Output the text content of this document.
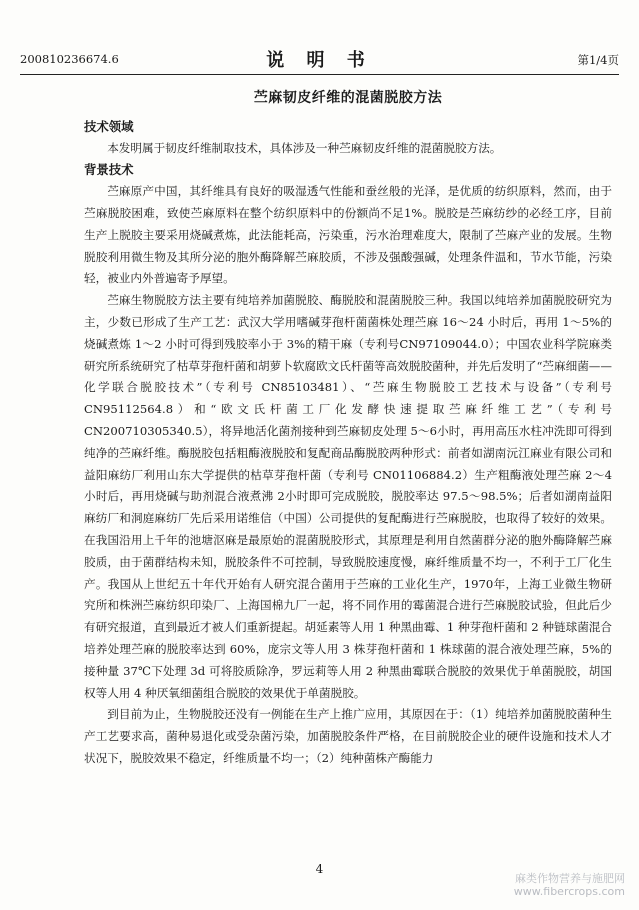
200810236674.6	说 明 书	第1/4页
苎麻韧皮纤维的混菌脱胶方法
技术领域

本发明属于韧皮纤维制取技术，具体涉及一种苎麻韧皮纤维的混菌脱胶方法。

背景技术

苎麻原产中国，其纤维具有良好的吸湿透气性能和蚕丝般的光泽，是优质的纺织原料，然而，由于苎麻脱胶困难，致使苎麻原料在整个纺织原料中的份额尚不足1%。脱胶是苎麻纺纱的必经工序，目前生产上脱胶主要采用烧碱煮炼，此法能耗高，污染重，污水治理难度大，限制了苎麻产业的发展。生物脱胶利用微生物及其所分泌的胞外酶降解苎麻胶质，不涉及强酸强碱，处理条件温和，节水节能，污染轻，被业内外普遍寄予厚望。

苎麻生物脱胶方法主要有纯培养加菌脱胶、酶脱胶和混菌脱胶三种。我国以纯培养加菌脱胶研究为主，少数已形成了生产工艺：武汉大学用嗜碱芽孢杆菌菌株处理苎麻 16～24 小时后，再用 1～5%的烧碱煮炼 1～2 小时可得到残胶率小于 3%的精干麻（专利号CN97109044.0）；中国农业科学院麻类研究所系统研究了枯草芽孢杆菌和胡萝卜软腐欧文氏杆菌等高效脱胶菌种，并先后发明了“苎麻细菌——化学联合脱胶技术”（专利号 CN85103481）、“苎麻生物脱胶工艺技术与设备”（专利号 CN95112564.8）和“欧文氏杆菌工厂化发酵快速提取苎麻纤维工艺”（专利号 CN200710305340.5），将异地活化菌剂接种到苎麻韧皮处理 5～6小时，再用高压水柱冲洗即可得到纯净的苎麻纤维。酶脱胶包括粗酶液脱胶和复配商品酶脱胶两种形式：前者如湖南沅江麻业有限公司和益阳麻纺厂利用山东大学提供的枯草芽孢杆菌（专利号 CN01106884.2）生产粗酶液处理苎麻 2～4 小时后，再用烧碱与助剂混合液煮沸 2小时即可完成脱胶，脱胶率达 97.5～98.5%；后者如湖南益阳麻纺厂和洞庭麻纺厂先后采用诺维信（中国）公司提供的复配酶进行苎麻脱胶，也取得了较好的效果。在我国沿用上千年的池塘沤麻是最原始的混菌脱胶形式，其原理是利用自然菌群分泌的胞外酶降解苎麻胶质，由于菌群结构未知，脱胶条件不可控制，导致脱胶速度慢，麻纤维质量不均一，不利于工厂化生产。我国从上世纪五十年代开始有人研究混合菌用于苎麻的工业化生产，1970年，上海工业微生物研究所和株洲苎麻纺织印染厂、上海国棉九厂一起，将不同作用的霉菌混合进行苎麻脱胶试验，但此后少有研究报道，直到最近才被人们重新提起。胡延素等人用 1 种黑曲霉、1 种芽孢杆菌和 2 种链球菌混合培养处理苎麻的脱胶率达到 60%，庞宗文等人用 3 株芽孢杆菌和 1 株球菌的混合液处理苎麻，5%的接种量 37℃下处理 3d 可将胶质除净，罗远莉等人用 2 种黑曲霉联合脱胶的效果优于单菌脱胶，胡国权等人用 4 种厌氧细菌组合脱胶的效果优于单菌脱胶。

到目前为止，生物脱胶还没有一例能在生产上推广应用，其原因在于：（1）纯培养加菌脱胶菌种生产工艺要求高，菌种易退化或受杂菌污染，加菌脱胶条件严格，在目前脱胶企业的硬件设施和技术人才状况下，脱胶效果不稳定，纤维质量不均一；（2）纯种菌株产酶能力

4
麻类作物营养与施肥网
www.fibercrops.com
